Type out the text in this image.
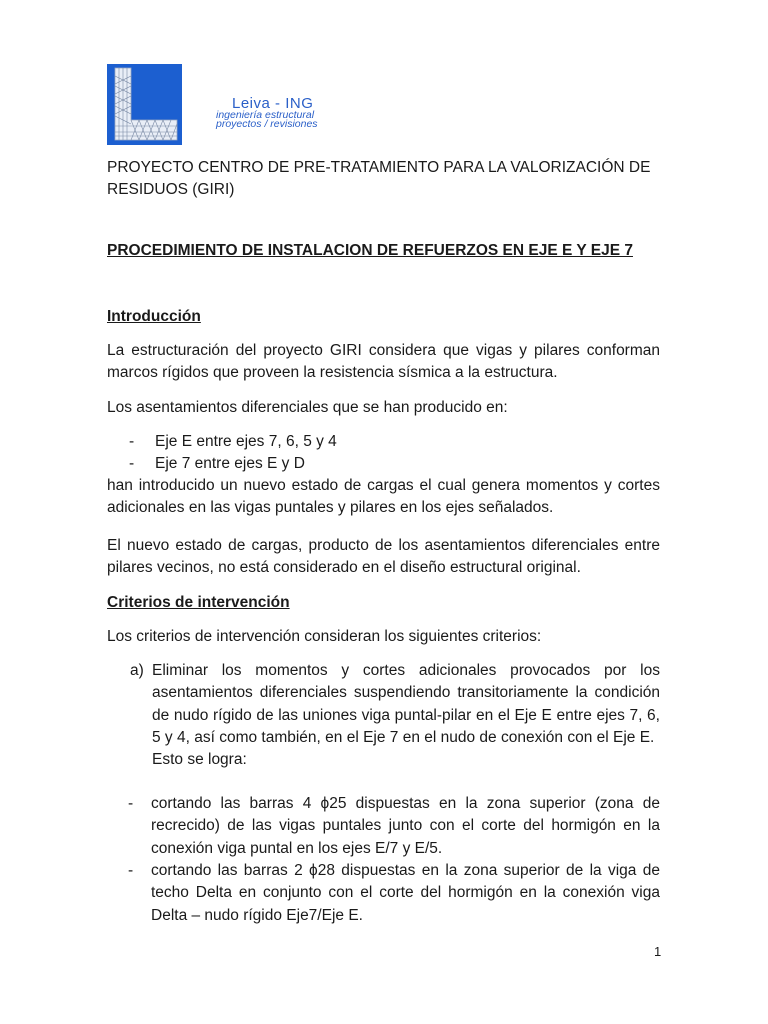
Leiva - ING
ingeniería estructural
proyectos / revisiones
PROYECTO CENTRO DE PRE-TRATAMIENTO PARA LA VALORIZACIÓN DE RESIDUOS (GIRI)
PROCEDIMIENTO DE INSTALACION DE REFUERZOS EN EJE E Y EJE 7
Introducción
La estructuración del proyecto GIRI considera que vigas y pilares conforman marcos rígidos que proveen la resistencia sísmica a la estructura.
Los asentamientos diferenciales que se han producido en:
- Eje E entre ejes 7, 6, 5 y 4
- Eje 7 entre ejes E y D
han introducido un nuevo estado de cargas el cual genera momentos y cortes adicionales en las vigas puntales y pilares en los ejes señalados.
El nuevo estado de cargas, producto de los asentamientos diferenciales entre pilares vecinos, no está considerado en el diseño estructural original.
Criterios de intervención
Los criterios de intervención consideran los siguientes criterios:
a) Eliminar los momentos y cortes adicionales provocados por los asentamientos diferenciales suspendiendo transitoriamente la condición de nudo rígido de las uniones viga puntal-pilar en el Eje E entre ejes 7, 6, 5 y 4, así como también, en el Eje 7 en el nudo de conexión con el Eje E.
Esto se logra:
- cortando las barras 4 ϕ25 dispuestas en la zona superior (zona de recrecido) de las vigas puntales junto con el corte del hormigón en la conexión viga puntal en los ejes E/7 y E/5.
- cortando las barras 2 ϕ28 dispuestas en la zona superior de la viga de techo Delta en conjunto con el corte del hormigón en la conexión viga Delta – nudo rígido Eje7/Eje E.
1
